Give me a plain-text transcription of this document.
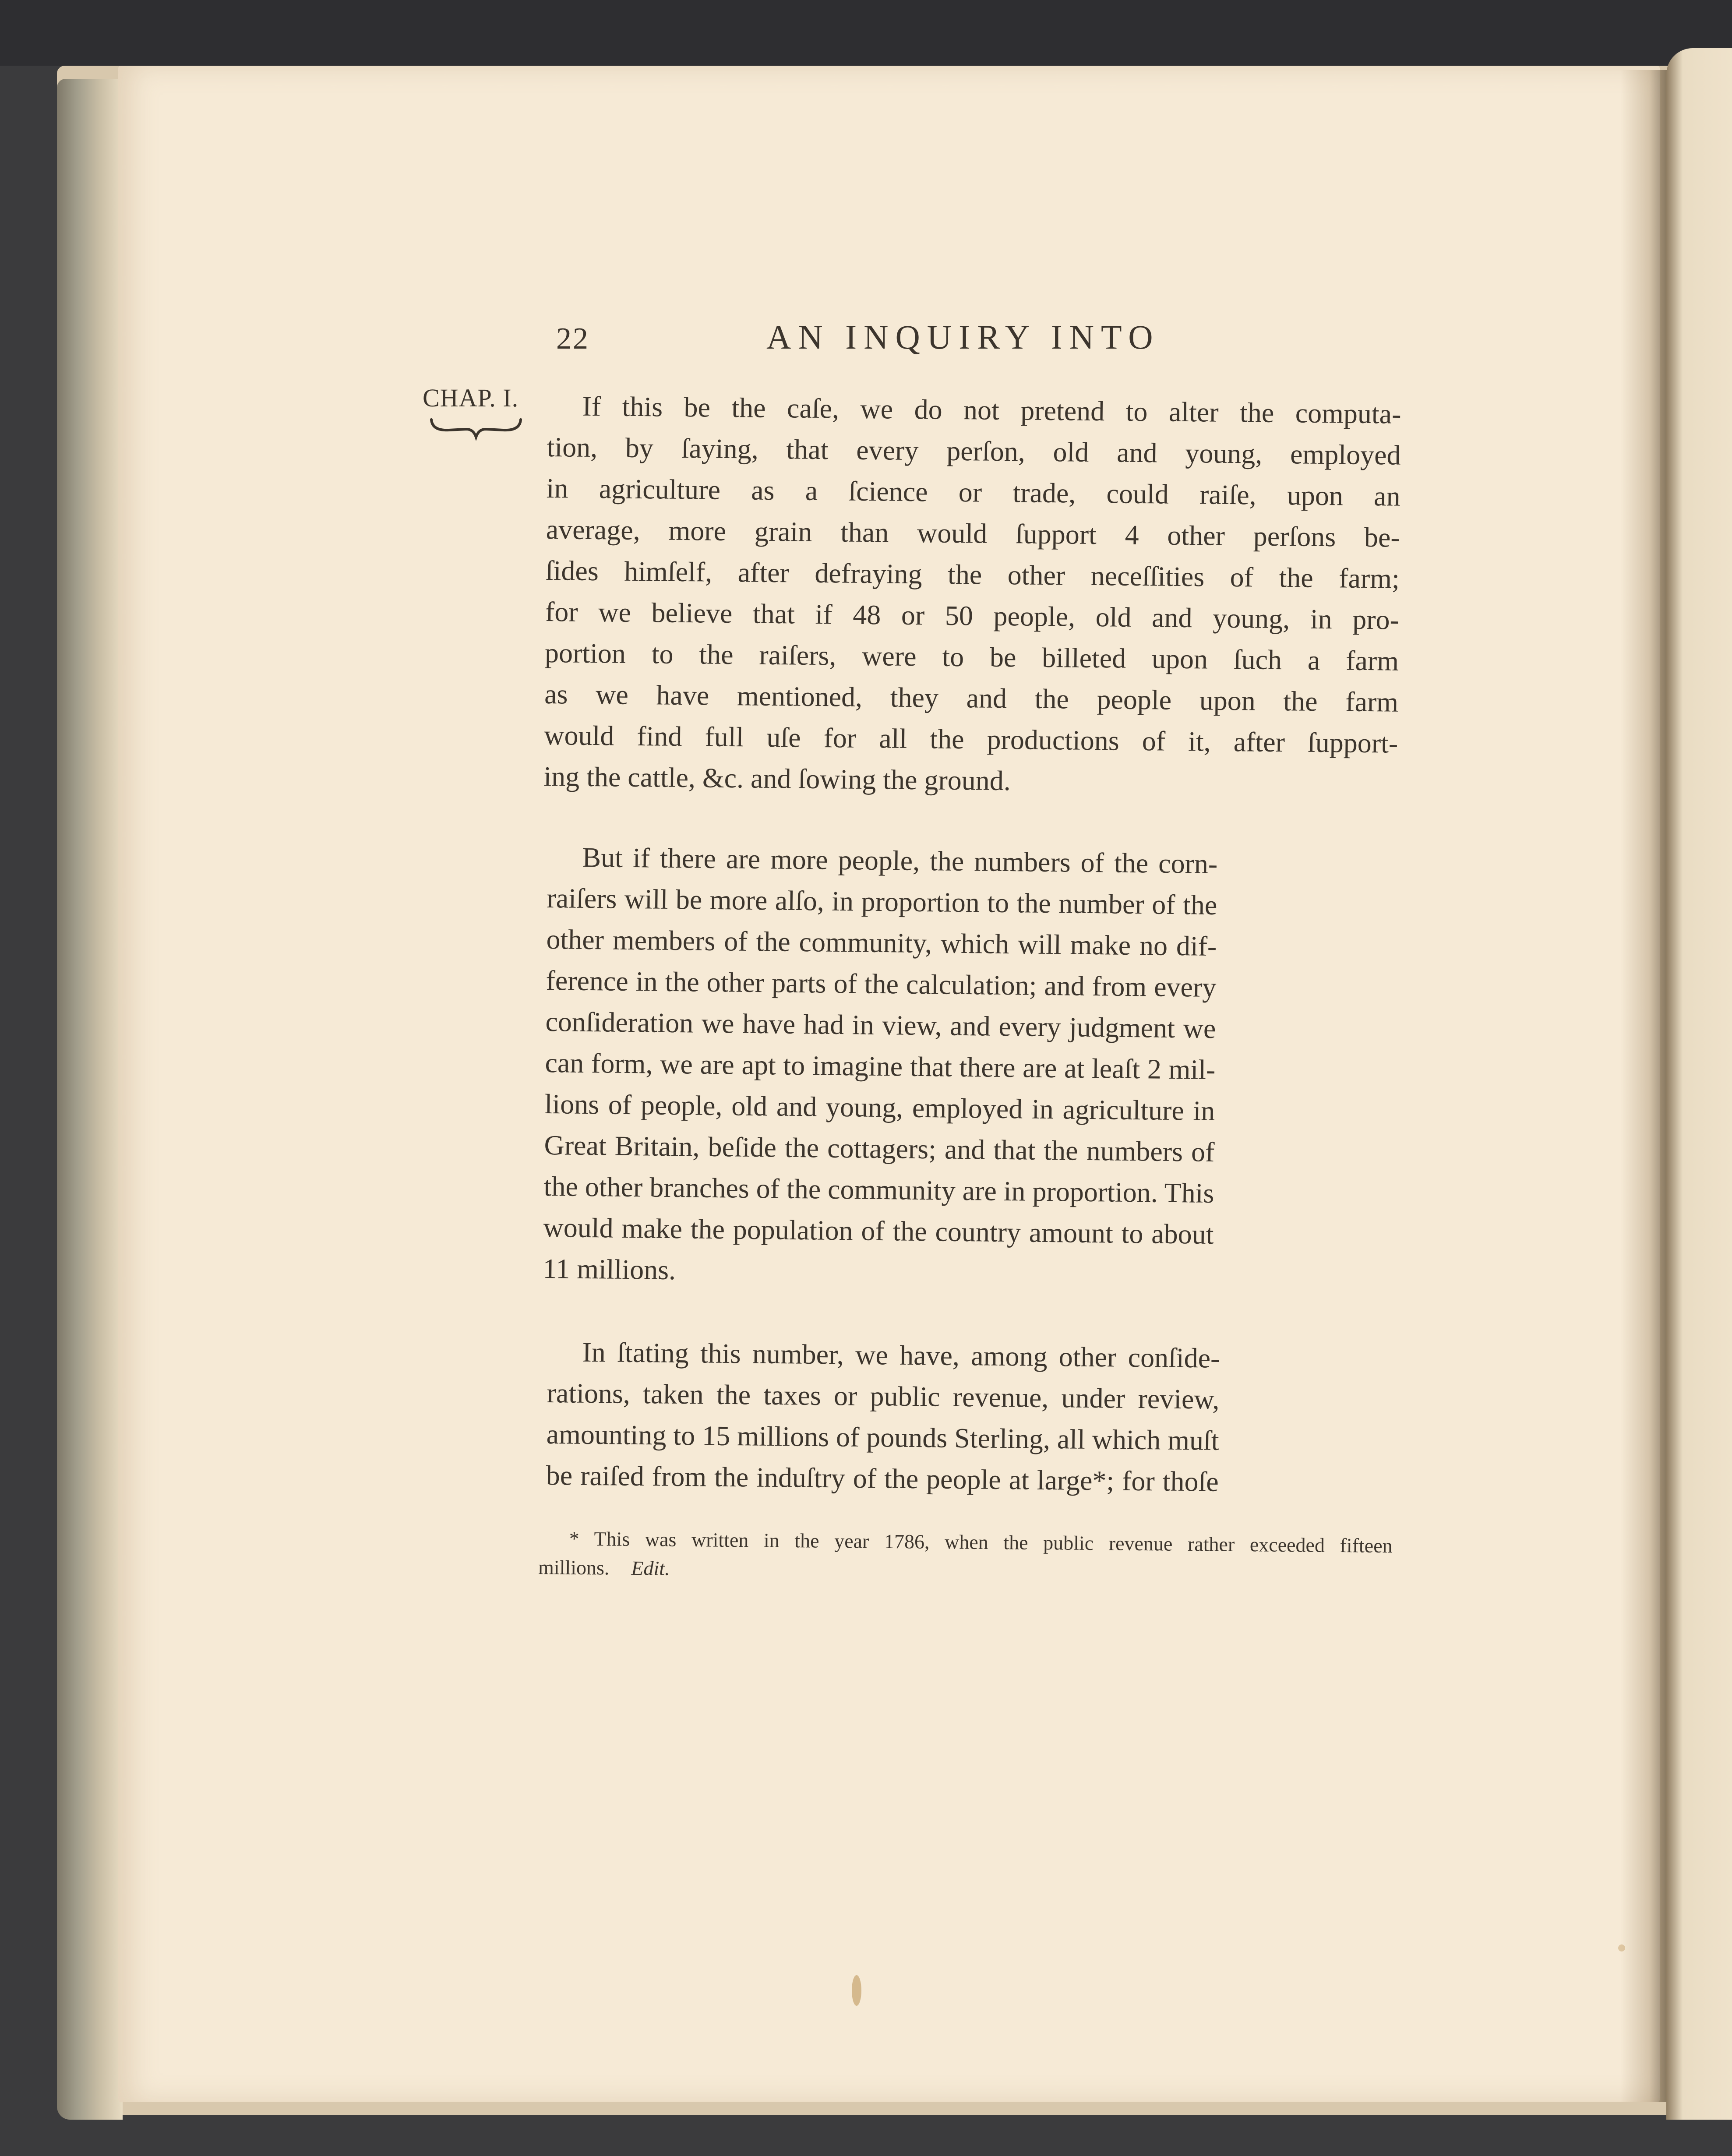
22	AN INQUIRY INTO
CHAP. I.	If this be the caſe, we do not pretend to alter the computa-
tion, by ſaying, that every perſon, old and young, employed
in agriculture as a ſcience or trade, could raiſe, upon an
average, more grain than would ſupport 4 other perſons be-
ſides himſelf, after defraying the other neceſſities of the farm;
for we believe that if 48 or 50 people, old and young, in pro-
portion to the raiſers, were to be billeted upon ſuch a farm
as we have mentioned, they and the people upon the farm
would find full uſe for all the productions of it, after ſupport-
ing the cattle, &c. and ſowing the ground.
But if there are more people, the numbers of the corn-
raiſers will be more alſo, in proportion to the number of the
other members of the community, which will make no dif-
ference in the other parts of the calculation; and from every
conſideration we have had in view, and every judgment we
can form, we are apt to imagine that there are at leaſt 2 mil-
lions of people, old and young, employed in agriculture in
Great Britain, beſide the cottagers; and that the numbers of
the other branches of the community are in proportion. This
would make the population of the country amount to about
11 millions.
In ſtating this number, we have, among other conſide-
rations, taken the taxes or public revenue, under review,
amounting to 15 millions of pounds Sterling, all which muſt
be raiſed from the induſtry of the people at large*; for thoſe
* This was written in the year 1786, when the public revenue rather exceeded fifteen
millions. Edit.
